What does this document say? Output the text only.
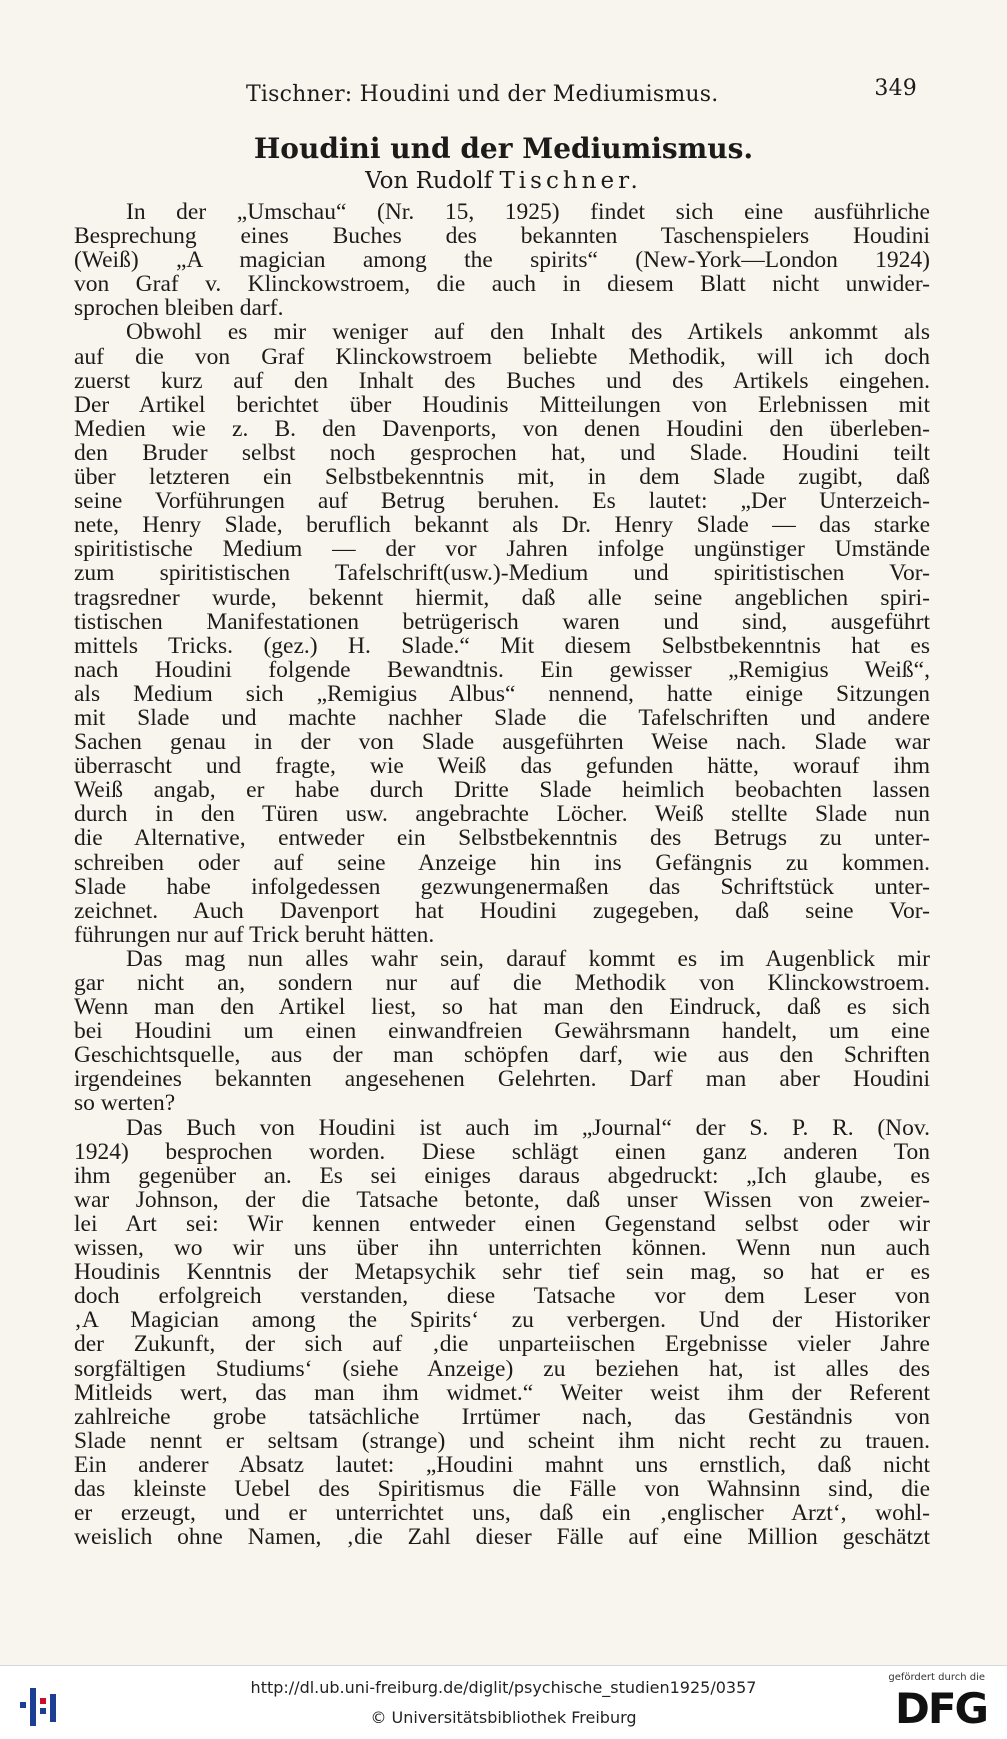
Tischner: Houdini und der Mediumismus.	349
Houdini und der Mediumismus.
Von Rudolf Tischner.
In der „Umschau“ (Nr. 15, 1925) findet sich eine ausführliche
Besprechung eines Buches des bekannten Taschenspielers Houdini
(Weiß) „A magician among the spirits“ (New-York—London 1924)
von Graf v. Klinckowstroem, die auch in diesem Blatt nicht unwider-
sprochen bleiben darf.
Obwohl es mir weniger auf den Inhalt des Artikels ankommt als
auf die von Graf Klinckowstroem beliebte Methodik, will ich doch
zuerst kurz auf den Inhalt des Buches und des Artikels eingehen.
Der Artikel berichtet über Houdinis Mitteilungen von Erlebnissen mit
Medien wie z. B. den Davenports, von denen Houdini den überleben-
den Bruder selbst noch gesprochen hat, und Slade. Houdini teilt
über letzteren ein Selbstbekenntnis mit, in dem Slade zugibt, daß
seine Vorführungen auf Betrug beruhen. Es lautet: „Der Unterzeich-
nete, Henry Slade, beruflich bekannt als Dr. Henry Slade — das starke
spiritistische Medium — der vor Jahren infolge ungünstiger Umstände
zum spiritistischen Tafelschrift(usw.)-Medium und spiritistischen Vor-
tragsredner wurde, bekennt hiermit, daß alle seine angeblichen spiri-
tistischen Manifestationen betrügerisch waren und sind, ausgeführt
mittels Tricks. (gez.) H. Slade.“ Mit diesem Selbstbekenntnis hat es
nach Houdini folgende Bewandtnis. Ein gewisser „Remigius Weiß“,
als Medium sich „Remigius Albus“ nennend, hatte einige Sitzungen
mit Slade und machte nachher Slade die Tafelschriften und andere
Sachen genau in der von Slade ausgeführten Weise nach. Slade war
überrascht und fragte, wie Weiß das gefunden hätte, worauf ihm
Weiß angab, er habe durch Dritte Slade heimlich beobachten lassen
durch in den Türen usw. angebrachte Löcher. Weiß stellte Slade nun
die Alternative, entweder ein Selbstbekenntnis des Betrugs zu unter-
schreiben oder auf seine Anzeige hin ins Gefängnis zu kommen.
Slade habe infolgedessen gezwungenermaßen das Schriftstück unter-
zeichnet. Auch Davenport hat Houdini zugegeben, daß seine Vor-
führungen nur auf Trick beruht hätten.
Das mag nun alles wahr sein, darauf kommt es im Augenblick mir
gar nicht an, sondern nur auf die Methodik von Klinckowstroem.
Wenn man den Artikel liest, so hat man den Eindruck, daß es sich
bei Houdini um einen einwandfreien Gewährsmann handelt, um eine
Geschichtsquelle, aus der man schöpfen darf, wie aus den Schriften
irgendeines bekannten angesehenen Gelehrten. Darf man aber Houdini
so werten?
Das Buch von Houdini ist auch im „Journal“ der S. P. R. (Nov.
1924) besprochen worden. Diese schlägt einen ganz anderen Ton
ihm gegenüber an. Es sei einiges daraus abgedruckt: „Ich glaube, es
war Johnson, der die Tatsache betonte, daß unser Wissen von zweier-
lei Art sei: Wir kennen entweder einen Gegenstand selbst oder wir
wissen, wo wir uns über ihn unterrichten können. Wenn nun auch
Houdinis Kenntnis der Metapsychik sehr tief sein mag, so hat er es
doch erfolgreich verstanden, diese Tatsache vor dem Leser von
‚A Magician among the Spirits‘ zu verbergen. Und der Historiker
der Zukunft, der sich auf ‚die unparteiischen Ergebnisse vieler Jahre
sorgfältigen Studiums‘ (siehe Anzeige) zu beziehen hat, ist alles des
Mitleids wert, das man ihm widmet.“ Weiter weist ihm der Referent
zahlreiche grobe tatsächliche Irrtümer nach, das Geständnis von
Slade nennt er seltsam (strange) und scheint ihm nicht recht zu trauen.
Ein anderer Absatz lautet: „Houdini mahnt uns ernstlich, daß nicht
das kleinste Uebel des Spiritismus die Fälle von Wahnsinn sind, die
er erzeugt, und er unterrichtet uns, daß ein ‚englischer Arzt‘, wohl-
weislich ohne Namen, ‚die Zahl dieser Fälle auf eine Million geschätzt
http://dl.ub.uni-freiburg.de/diglit/psychische_studien1925/0357
© Universitätsbibliothek Freiburg
gefördert durch die
DFG
